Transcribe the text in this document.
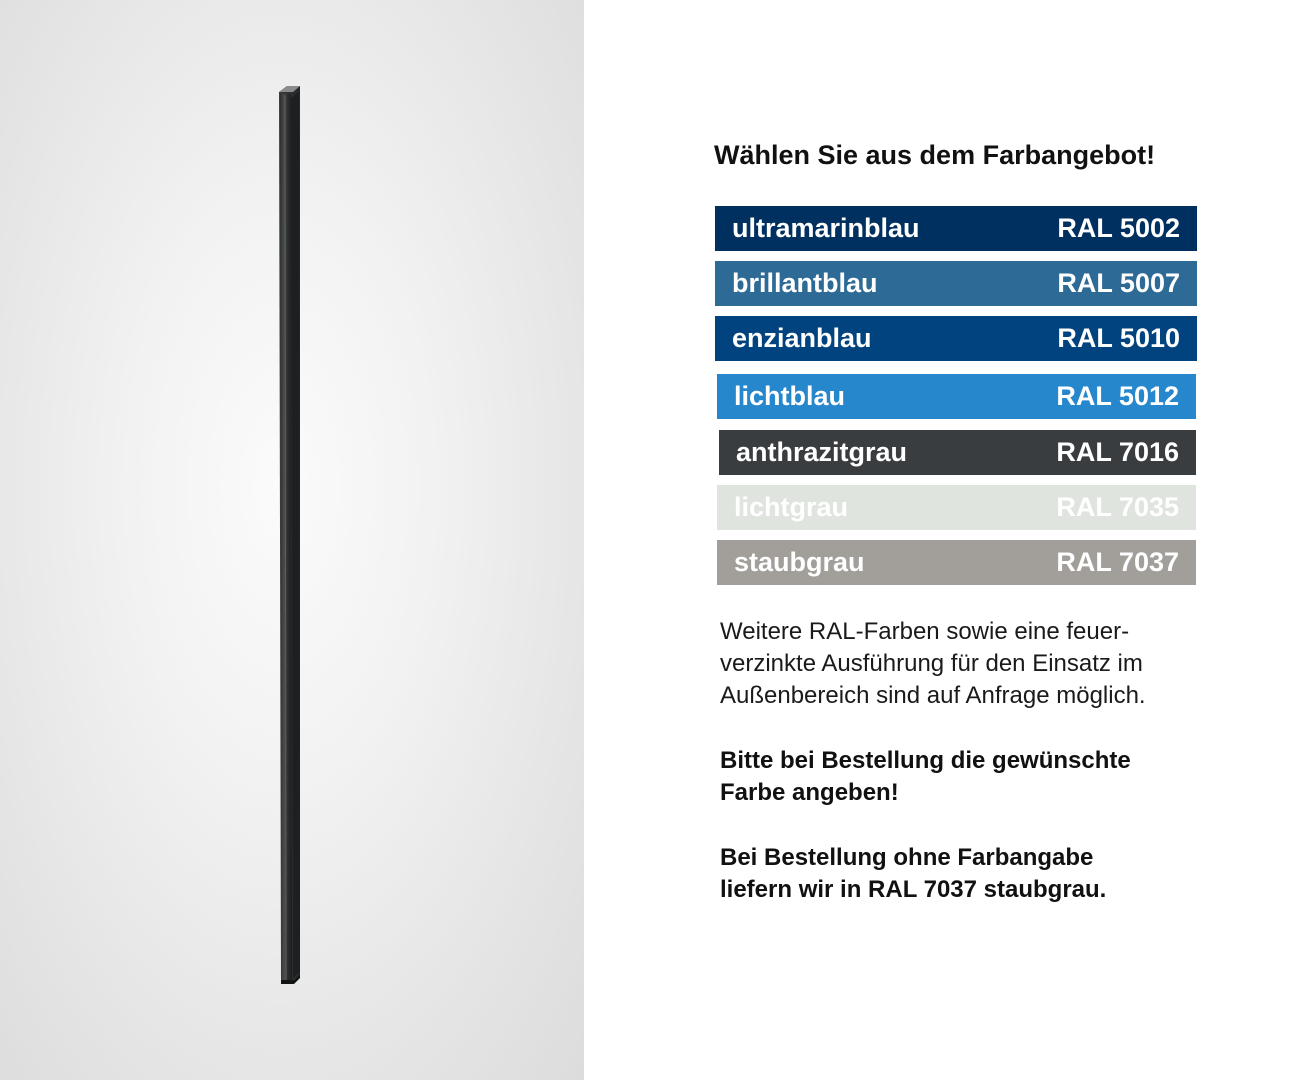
Wählen Sie aus dem Farbangebot!
ultramarinblau	RAL 5002
brillantblau	RAL 5007
enzianblau	RAL 5010
lichtblau	RAL 5012
anthrazitgrau	RAL 7016
lichtgrau	RAL 7035
staubgrau	RAL 7037

Weitere RAL-Farben sowie eine feuer-
verzinkte Ausführung für den Einsatz im
Außenbereich sind auf Anfrage möglich.

Bitte bei Bestellung die gewünschte
Farbe angeben!

Bei Bestellung ohne Farbangabe
liefern wir in RAL 7037 staubgrau.
